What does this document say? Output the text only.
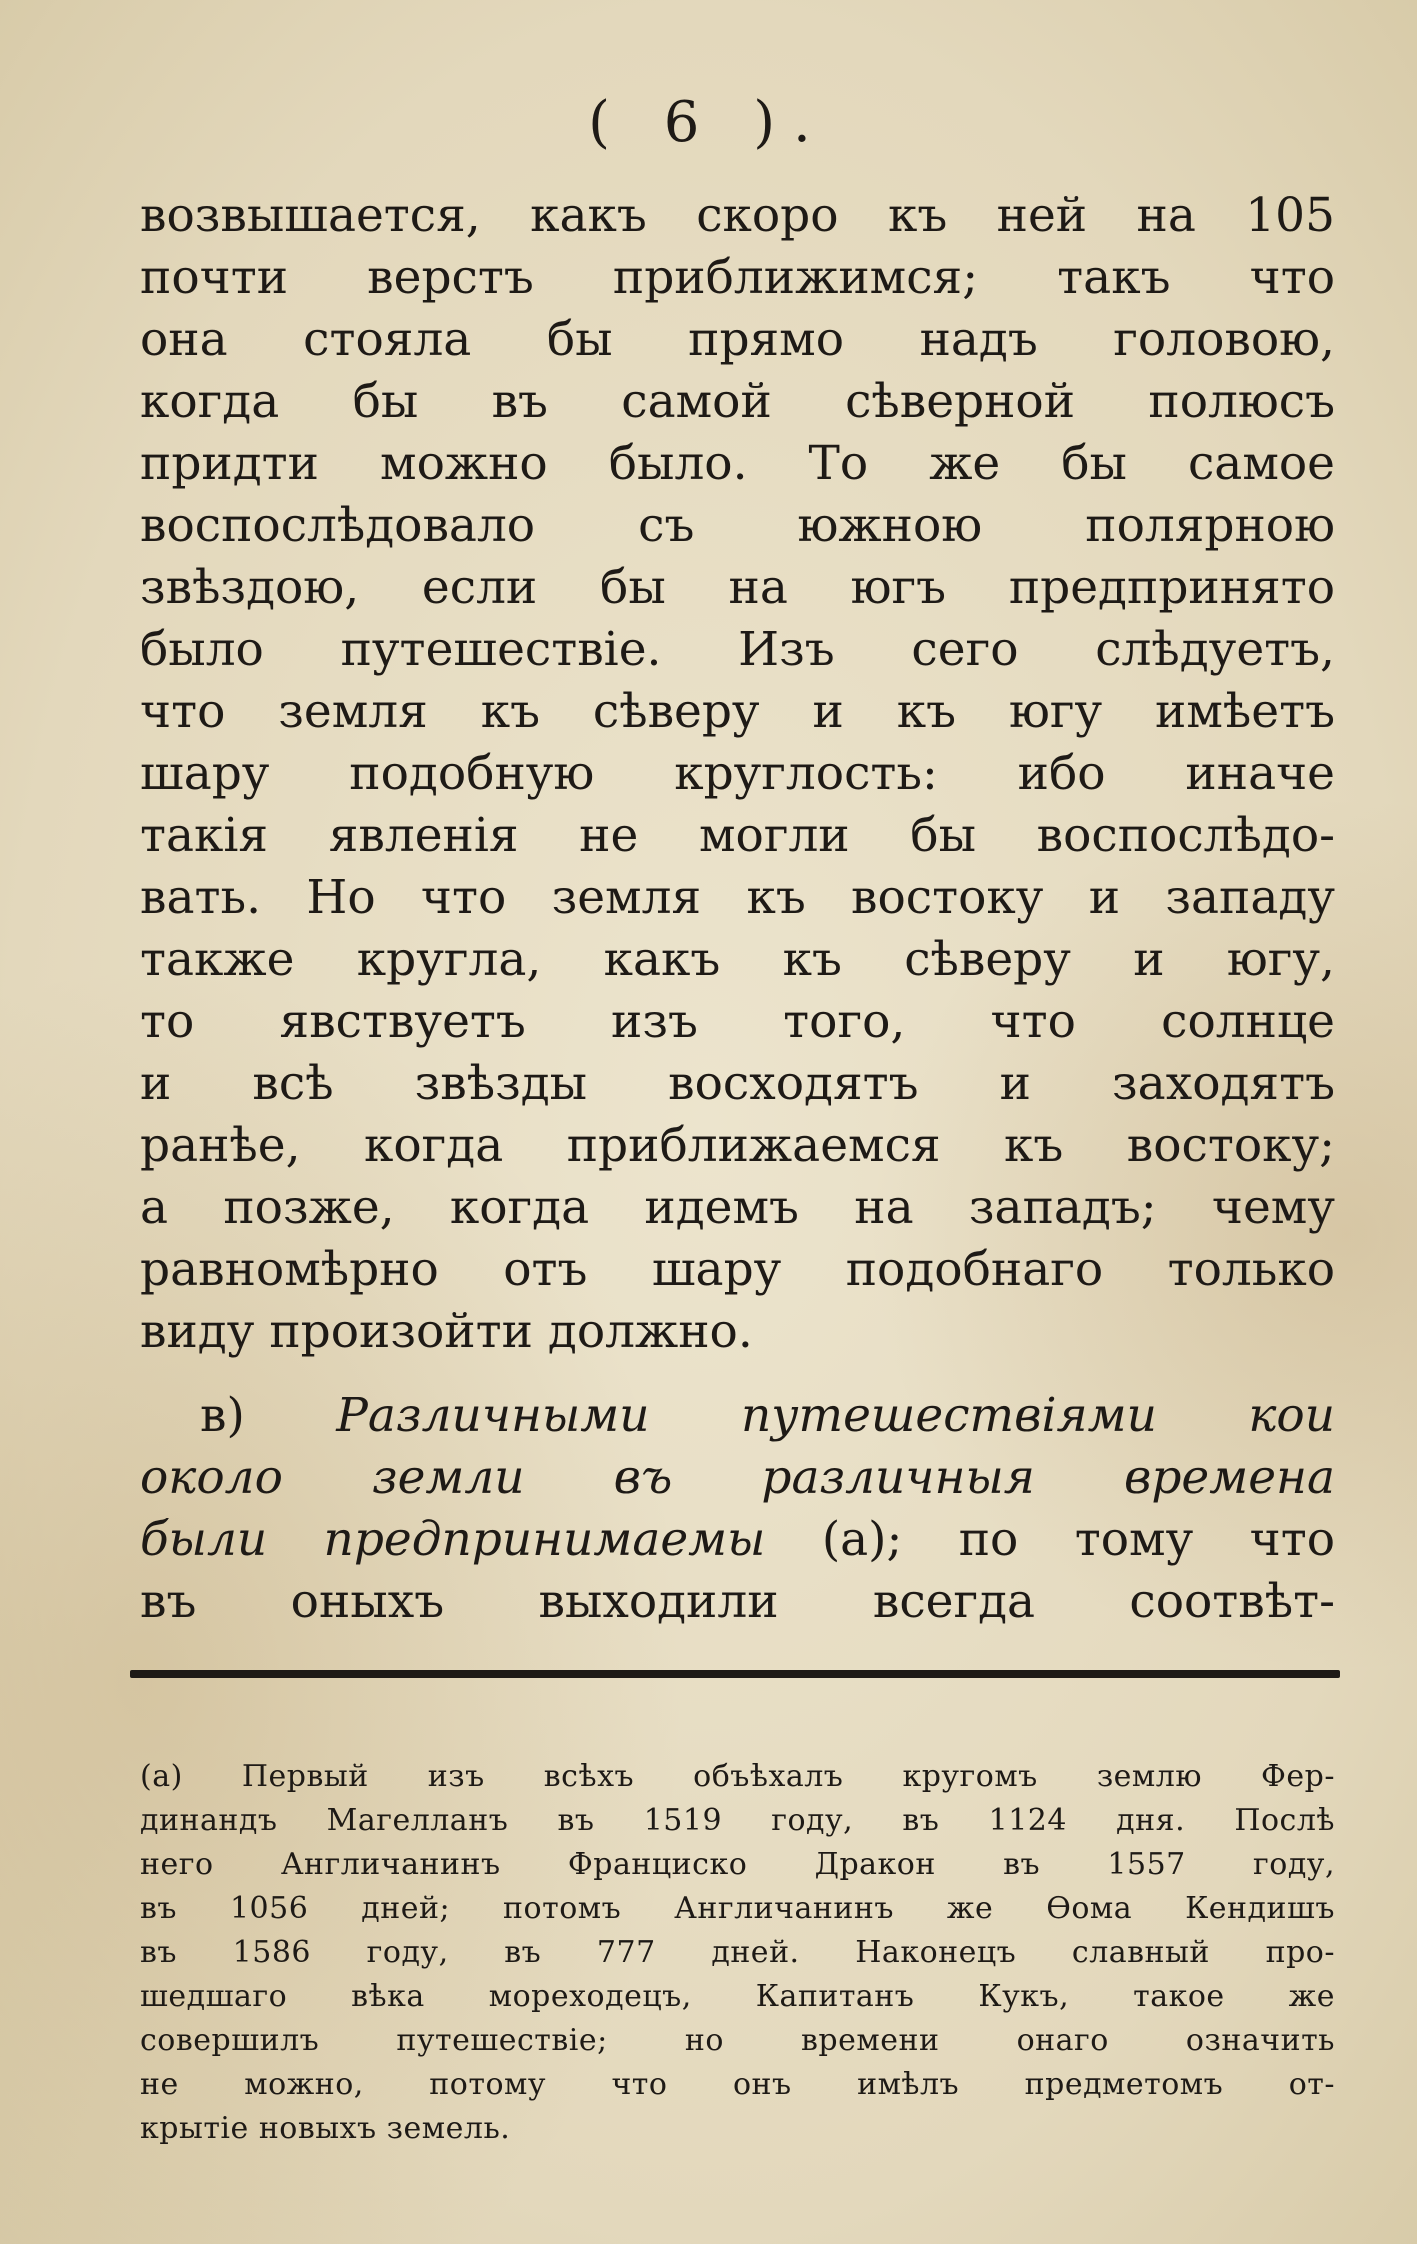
( 6 ).
возвышается, какъ скоро къ ней на 105
почти верстъ приближимся; такъ что
она стояла бы прямо надъ головою,
когда бы въ самой сѣверной полюсъ
придти можно было. То же бы самое
воспослѣдовало съ южною полярною
звѣздою, если бы на югъ предпринято
было путешествіе. Изъ сего слѣдуетъ,
что земля къ сѣверу и къ югу имѣетъ
шару подобную круглость: ибо иначе
такія явленія не могли бы воспослѣдо-
вать. Но что земля къ востоку и западу
также кругла, какъ къ сѣверу и югу,
то явствуетъ изъ того, что солнце
и всѣ звѣзды восходятъ и заходятъ
ранѣе, когда приближаемся къ востоку;
а позже, когда идемъ на западъ; чему
равномѣрно отъ шару подобнаго только
виду произойти должно.
в) Различными путешествіями кои
около земли въ различныя времена
были предпринимаемы (а); по тому что
въ оныхъ выходили всегда соотвѣт-
(а) Первый изъ всѣхъ объѣхалъ кругомъ землю Фер-
динандъ Магелланъ въ 1519 году, въ 1124 дня. Послѣ
него Англичанинъ Франциско Дракон въ 1557 году,
въ 1056 дней; потомъ Англичанинъ же Ѳома Кендишъ
въ 1586 году, въ 777 дней. Наконецъ славный про-
шедшаго вѣка мореходецъ, Капитанъ Кукъ, такое же
совершилъ путешествіе; но времени онаго означить
не можно, потому что онъ имѣлъ предметомъ от-
крытіе новыхъ земель.
